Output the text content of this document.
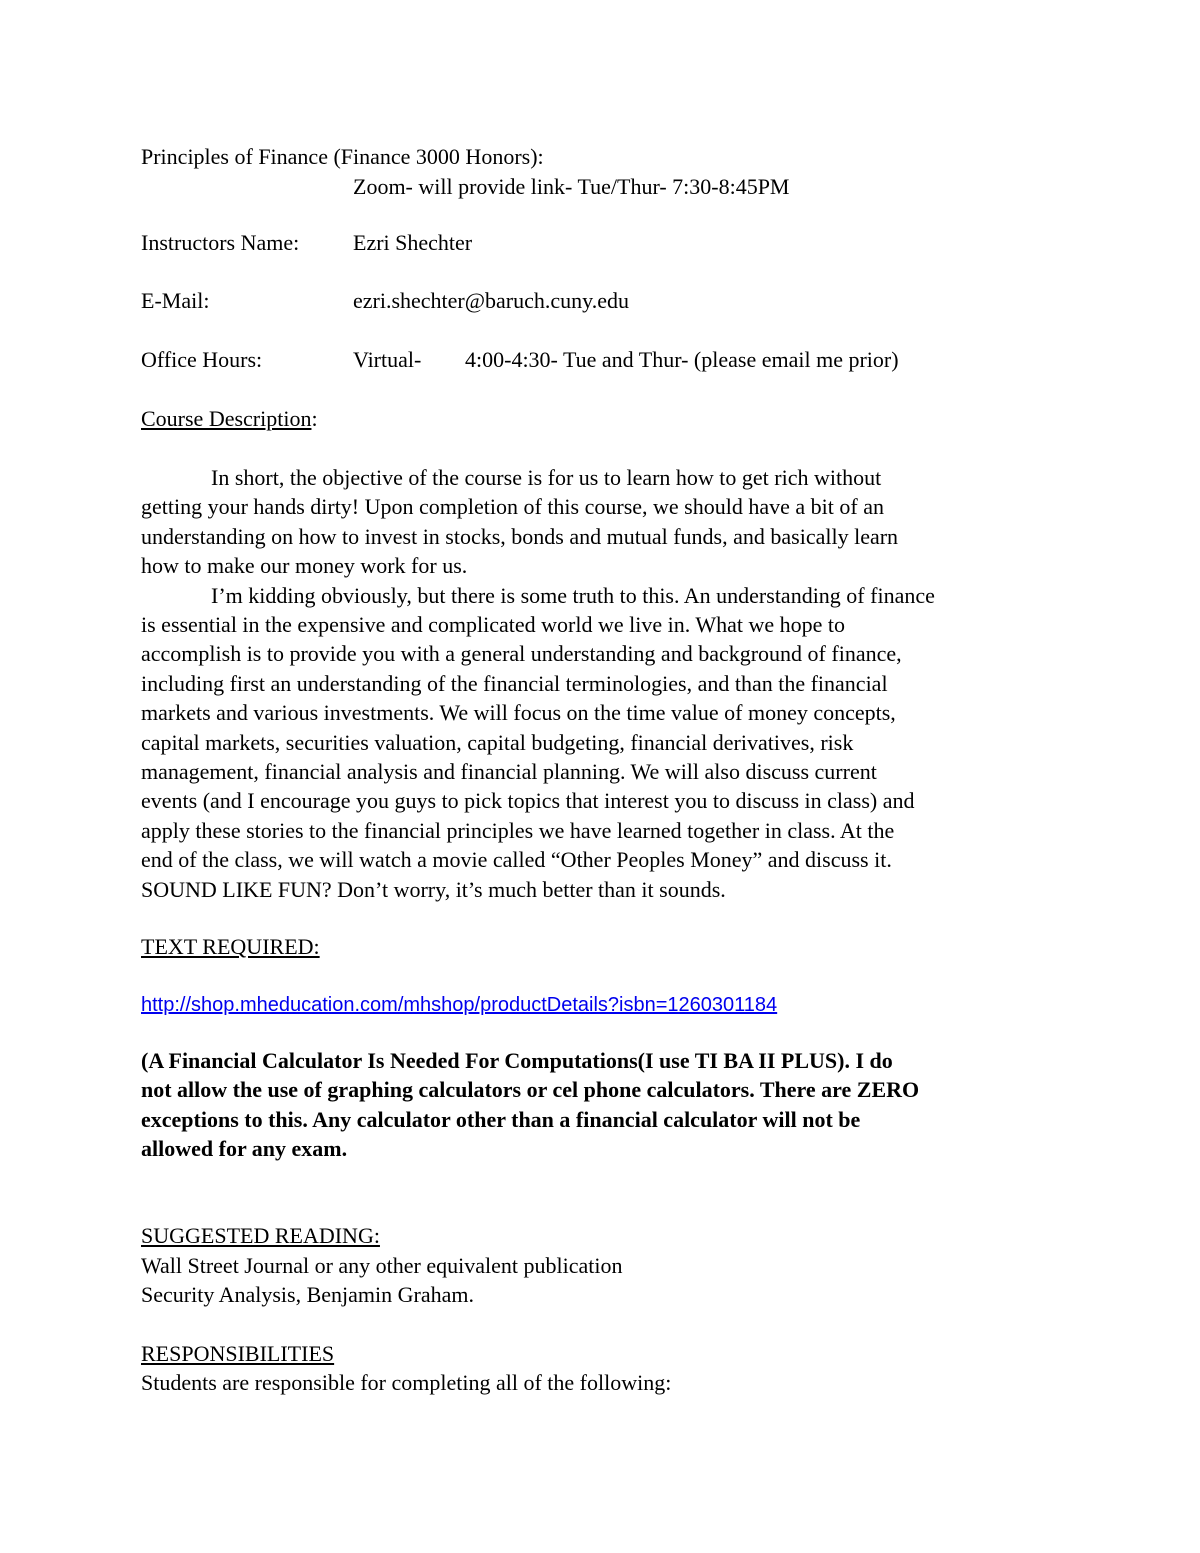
Principles of Finance (Finance 3000 Honors):
Zoom- will provide link- Tue/Thur- 7:30-8:45PM
Instructors Name: Ezri Shechter
E-Mail:	ezri.shechter@baruch.cuny.edu
Office Hours:	Virtual- 4:00-4:30- Tue and Thur- (please email me prior)
Course Description:
In short, the objective of the course is for us to learn how to get rich without
getting your hands dirty! Upon completion of this course, we should have a bit of an
understanding on how to invest in stocks, bonds and mutual funds, and basically learn
how to make our money work for us.
I’m kidding obviously, but there is some truth to this. An understanding of finance
is essential in the expensive and complicated world we live in. What we hope to
accomplish is to provide you with a general understanding and background of finance,
including first an understanding of the financial terminologies, and than the financial
markets and various investments. We will focus on the time value of money concepts,
capital markets, securities valuation, capital budgeting, financial derivatives, risk
management, financial analysis and financial planning. We will also discuss current
events (and I encourage you guys to pick topics that interest you to discuss in class) and
apply these stories to the financial principles we have learned together in class. At the
end of the class, we will watch a movie called “Other Peoples Money” and discuss it.
SOUND LIKE FUN? Don’t worry, it’s much better than it sounds.
TEXT REQUIRED:
http://shop.mheducation.com/mhshop/productDetails?isbn=1260301184
(A Financial Calculator Is Needed For Computations(I use TI BA II PLUS). I do
not allow the use of graphing calculators or cel phone calculators. There are ZERO
exceptions to this. Any calculator other than a financial calculator will not be
allowed for any exam.
SUGGESTED READING:
Wall Street Journal or any other equivalent publication
Security Analysis, Benjamin Graham.
RESPONSIBILITIES
Students are responsible for completing all of the following:
